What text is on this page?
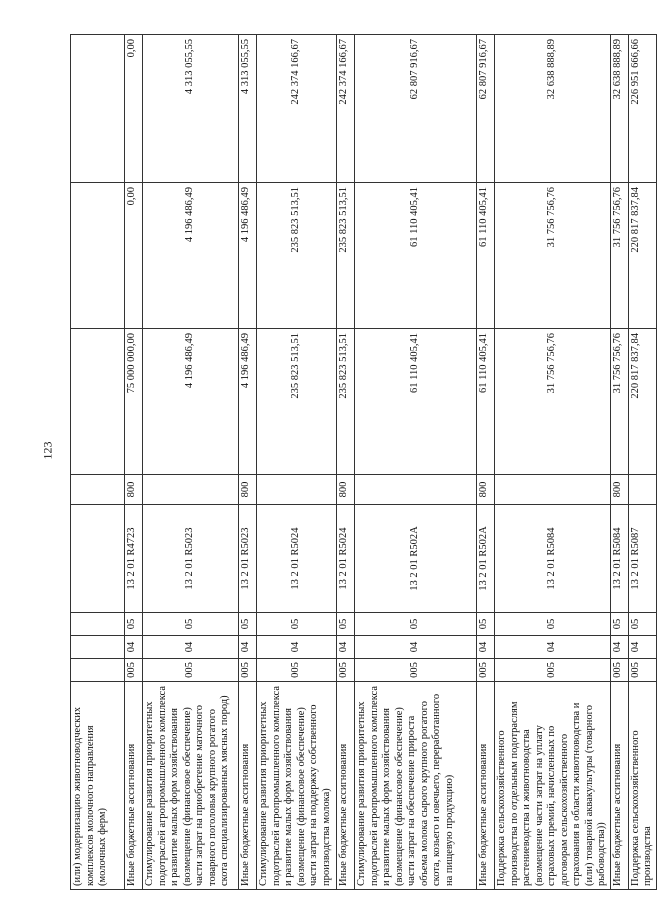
123
(или) модернизацию животноводческих комплексов молочного направления (молочных ферм)								
Иные бюджетные ассигнования	005	04	05	13 2 01 R4723	800	75 000 000,00	0,00	0,00
Стимулирование развития приоритетных подотраслей агропромышленного комплекса и развитие малых форм хозяйствования (возмещение (финансовое обеспечение) части затрат на приобретение маточного товарного поголовья крупного рогатого скота специализированных мясных пород)	005	04	05	13 2 01 R5023		4 196 486,49	4 196 486,49	4 313 055,55
Иные бюджетные ассигнования	005	04	05	13 2 01 R5023	800	4 196 486,49	4 196 486,49	4 313 055,55
Стимулирование развития приоритетных подотраслей агропромышленного комплекса и развитие малых форм хозяйствования (возмещение (финансовое обеспечение) части затрат на поддержку собственного производства молока)	005	04	05	13 2 01 R5024		235 823 513,51	235 823 513,51	242 374 166,67
Иные бюджетные ассигнования	005	04	05	13 2 01 R5024	800	235 823 513,51	235 823 513,51	242 374 166,67
Стимулирование развития приоритетных подотраслей агропромышленного комплекса и развитие малых форм хозяйствования (возмещение (финансовое обеспечение) части затрат на обеспечение прироста объема молока сырого крупного рогатого скота, козьего и овечьего, переработанного на пищевую продукцию)	005	04	05	13 2 01 R502A		61 110 405,41	61 110 405,41	62 807 916,67
Иные бюджетные ассигнования	005	04	05	13 2 01 R502A	800	61 110 405,41	61 110 405,41	62 807 916,67
Поддержка сельскохозяйственного производства по отдельным подотраслям растениеводства и животноводства (возмещение части затрат на уплату страховых премий, начисленных по договорам сельскохозяйственного страхования в области животноводства и (или) товарной аквакультуры (товарного рыбоводства))	005	04	05	13 2 01 R5084		31 756 756,76	31 756 756,76	32 638 888,89
Иные бюджетные ассигнования	005	04	05	13 2 01 R5084	800	31 756 756,76	31 756 756,76	32 638 888,89
Поддержка сельскохозяйственного производства	005	04	05	13 2 01 R5087		220 817 837,84	220 817 837,84	226 951 666,66
